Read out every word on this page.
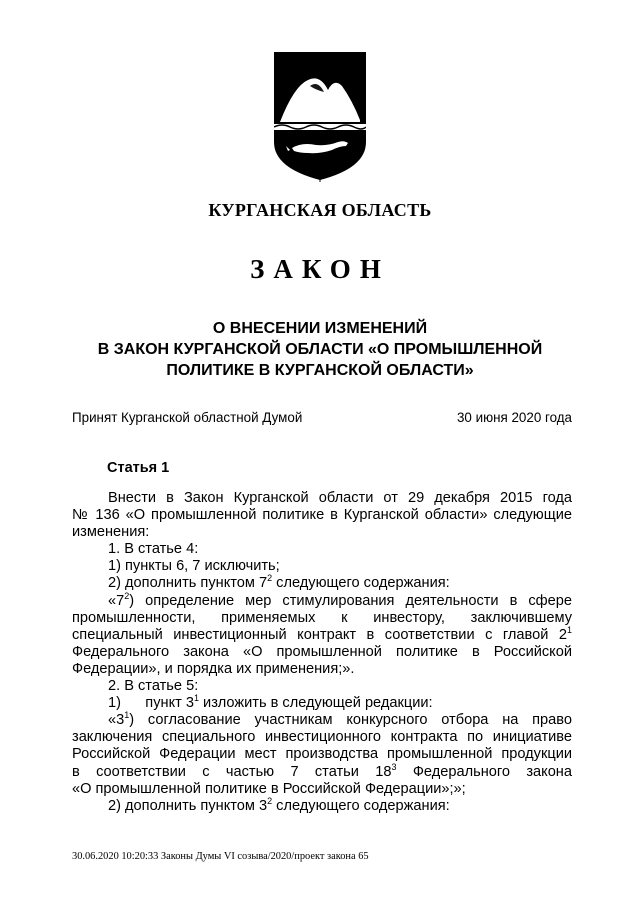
КУРГАНСКАЯ ОБЛАСТЬ
ЗАКОН
О ВНЕСЕНИИ ИЗМЕНЕНИЙ
В ЗАКОН КУРГАНСКОЙ ОБЛАСТИ «О ПРОМЫШЛЕННОЙ
ПОЛИТИКЕ В КУРГАНСКОЙ ОБЛАСТИ»
Принят Курганской областной Думой	30 июня 2020 года
Статья 1
Внести в Закон Курганской области от 29 декабря 2015 года
№ 136 «О промышленной политике в Курганской области» следующие
изменения:
1. В статье 4:
1) пункты 6, 7 исключить;
2) дополнить пунктом $7^2$ следующего содержания:
«$7^2$) определение мер стимулирования деятельности в сфере
промышленности, применяемых к инвестору, заключившему
специальный инвестиционный контракт в соответствии с главой $2^1$
Федерального закона «О промышленной политике в Российской
Федерации», и порядка их применения;».
2. В статье 5:
1)      пункт $3^1$ изложить в следующей редакции:
«$3^1$) согласование участникам конкурсного отбора на право
заключения специального инвестиционного контракта по инициативе
Российской Федерации мест производства промышленной продукции
в соответствии с частью 7 статьи $18^3$ Федерального закона
«О промышленной политике в Российской Федерации»;»;
2) дополнить пунктом $3^2$ следующего содержания:
30.06.2020 10:20:33 Законы Думы VI созыва/2020/проект закона 65
